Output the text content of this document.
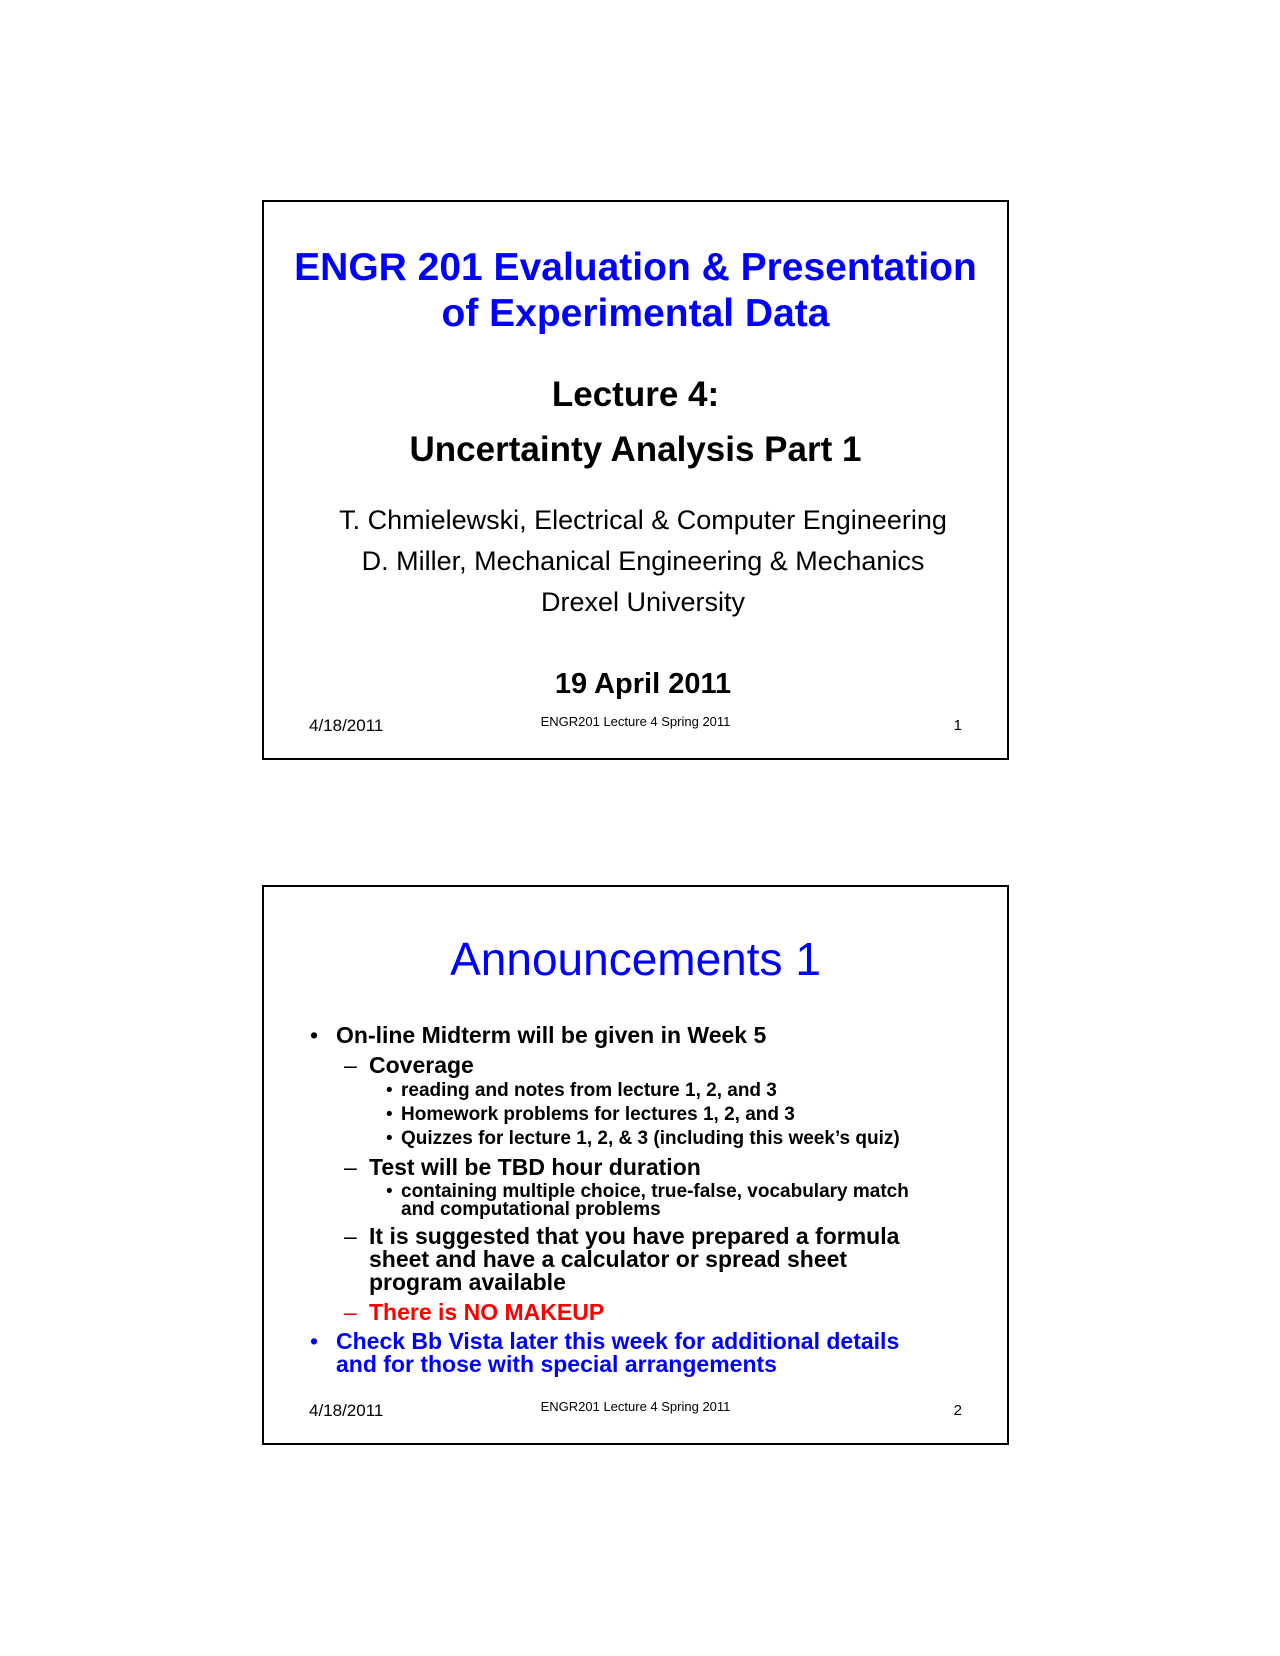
ENGR 201 Evaluation & Presentation
of Experimental Data
Lecture 4:
Uncertainty Analysis Part 1
T. Chmielewski, Electrical & Computer Engineering
D. Miller, Mechanical Engineering & Mechanics
Drexel University
19 April 2011
4/18/2011	ENGR201 Lecture 4 Spring 2011	1
Announcements 1
• On-line Midterm will be given in Week 5
– Coverage
• reading and notes from lecture 1, 2, and 3
• Homework problems for lectures 1, 2, and 3
• Quizzes for lecture 1, 2, & 3 (including this week’s quiz)
– Test will be TBD hour duration
• containing multiple choice, true-false, vocabulary match
and computational problems
– It is suggested that you have prepared a formula
sheet and have a calculator or spread sheet
program available
– There is NO MAKEUP
• Check Bb Vista later this week for additional details
and for those with special arrangements
4/18/2011	ENGR201 Lecture 4 Spring 2011	2
